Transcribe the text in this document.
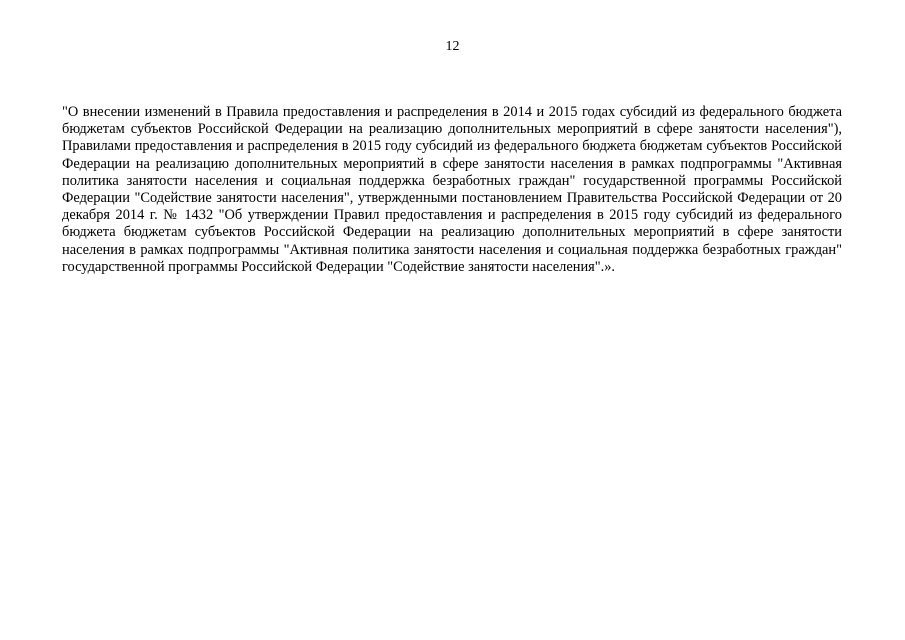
12

"О внесении изменений в Правила предоставления и распределения в 2014 и 2015 годах субсидий из федерального бюджета бюджетам субъектов Российской Федерации на реализацию дополнительных мероприятий в сфере занятости населения"), Правилами предоставления и распределения в 2015 году субсидий из федерального бюджета бюджетам субъектов Российской Федерации на реализацию дополнительных мероприятий в сфере занятости населения в рамках подпрограммы "Активная политика занятости населения и социальная поддержка безработных граждан" государственной программы Российской Федерации "Содействие занятости населения", утвержденными постановлением Правительства Российской Федерации от 20 декабря 2014 г. № 1432 "Об утверждении Правил предоставления и распределения в 2015 году субсидий из федерального бюджета бюджетам субъектов Российской Федерации на реализацию дополнительных мероприятий в сфере занятости населения в рамках подпрограммы "Активная политика занятости населения и социальная поддержка безработных граждан" государственной программы Российской Федерации "Содействие занятости населения".».
